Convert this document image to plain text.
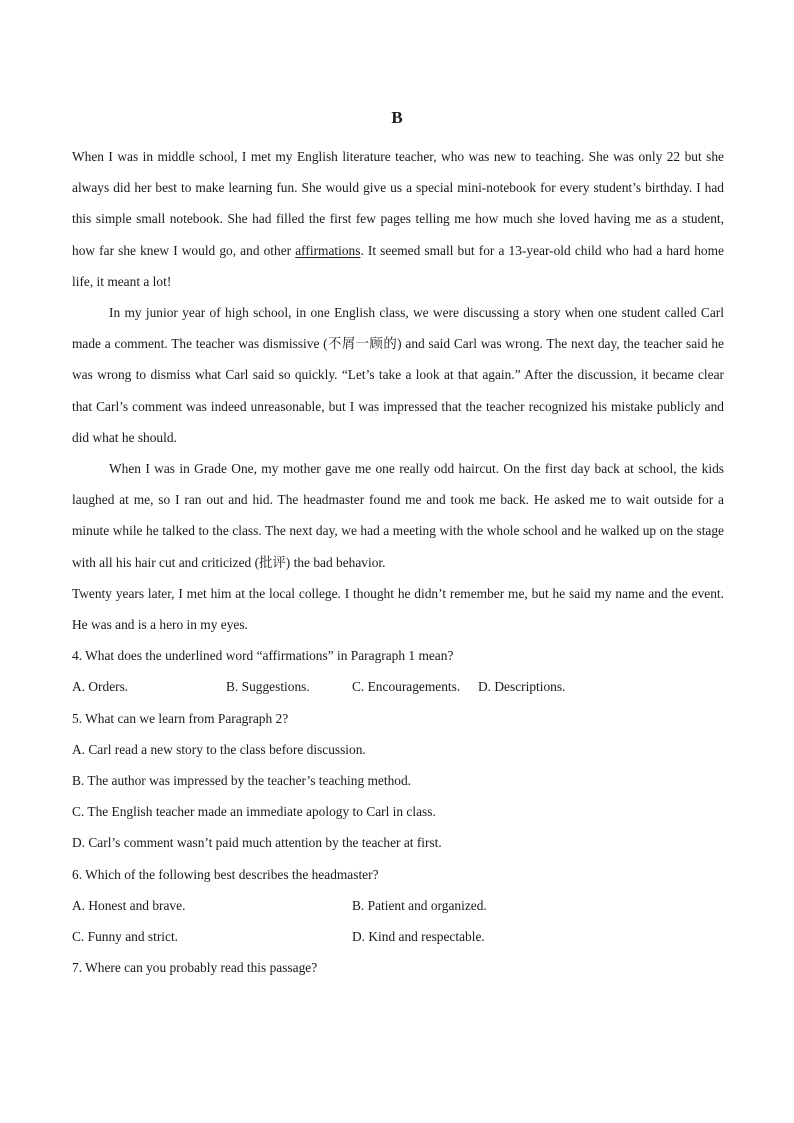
B

When I was in middle school, I met my English literature teacher, who was new to teaching. She was only 22 but she always did her best to make learning fun. She would give us a special mini-notebook for every student’s birthday. I had this simple small notebook. She had filled the first few pages telling me how much she loved having me as a student, how far she knew I would go, and other affirmations. It seemed small but for a 13-year-old child who had a hard home life, it meant a lot!

In my junior year of high school, in one English class, we were discussing a story when one student called Carl made a comment. The teacher was dismissive (不屑一顾的) and said Carl was wrong. The next day, the teacher said he was wrong to dismiss what Carl said so quickly. “Let’s take a look at that again.” After the discussion, it became clear that Carl’s comment was indeed unreasonable, but I was impressed that the teacher recognized his mistake publicly and did what he should.

When I was in Grade One, my mother gave me one really odd haircut. On the first day back at school, the kids laughed at me, so I ran out and hid. The headmaster found me and took me back. He asked me to wait outside for a minute while he talked to the class. The next day, we had a meeting with the whole school and he walked up on the stage with all his hair cut and criticized (批评) the bad behavior.

Twenty years later, I met him at the local college. I thought he didn’t remember me, but he said my name and the event. He was and is a hero in my eyes.

4. What does the underlined word “affirmations” in Paragraph 1 mean?

A. Orders.	B. Suggestions.	C. Encouragements. D. Descriptions.

5. What can we learn from Paragraph 2?

A. Carl read a new story to the class before discussion.

B. The author was impressed by the teacher’s teaching method.

C. The English teacher made an immediate apology to Carl in class.

D. Carl’s comment wasn’t paid much attention by the teacher at first.

6. Which of the following best describes the headmaster?

A. Honest and brave.	B. Patient and organized.
C. Funny and strict.	D. Kind and respectable.

7. Where can you probably read this passage?
